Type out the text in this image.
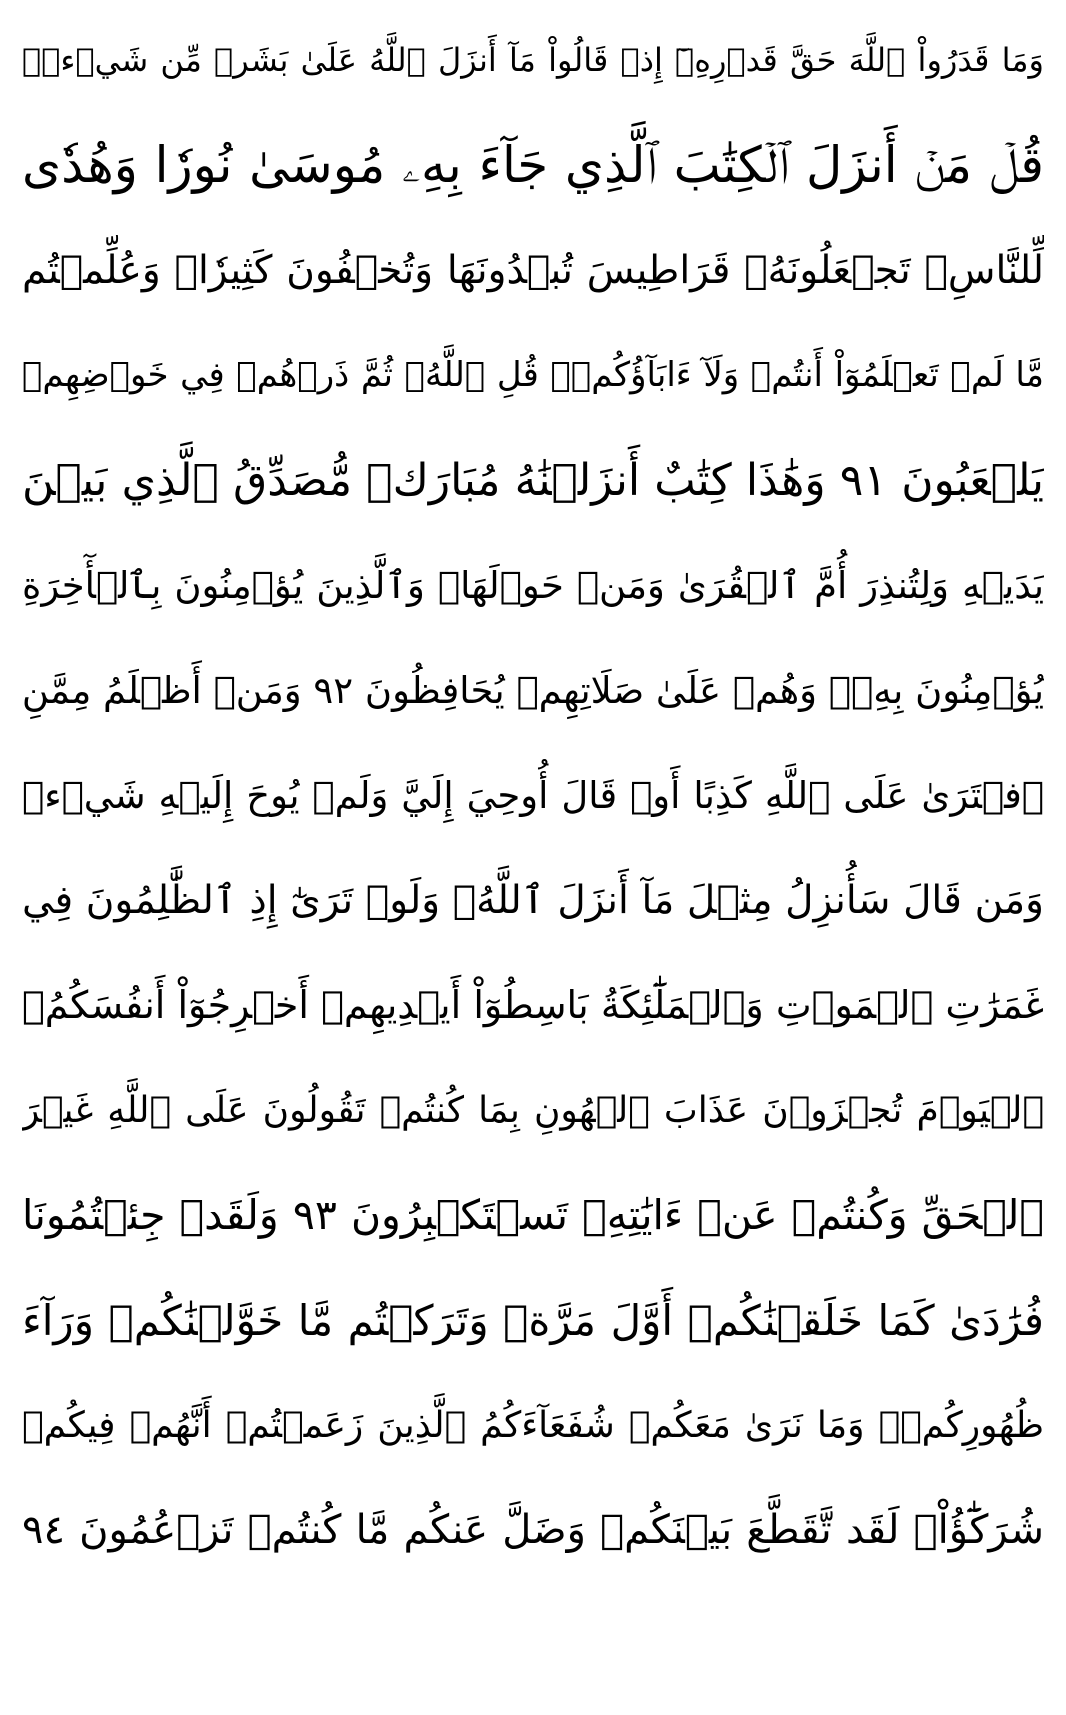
وَمَا قَدَرُواْ ٱللَّهَ حَقَّ قَدۡرِهِۦٓ إِذۡ قَالُواْ مَآ أَنزَلَ ٱللَّهُ عَلَىٰ بَشَرٖ مِّن شَيۡءٖۗ
قُلۡ مَنۡ أَنزَلَ ٱلۡكِتَٰبَ ٱلَّذِي جَآءَ بِهِۦ مُوسَىٰ نُورٗا وَهُدٗى
لِّلنَّاسِۖ تَجۡعَلُونَهُۥ قَرَاطِيسَ تُبۡدُونَهَا وَتُخۡفُونَ كَثِيرٗاۖ وَعُلِّمۡتُم
مَّا لَمۡ تَعۡلَمُوٓاْ أَنتُمۡ وَلَآ ءَابَآؤُكُمۡۖ قُلِ ٱللَّهُۖ ثُمَّ ذَرۡهُمۡ فِي خَوۡضِهِمۡ
يَلۡعَبُونَ ٩١ وَهَٰذَا كِتَٰبٌ أَنزَلۡنَٰهُ مُبَارَكٞ مُّصَدِّقُ ٱلَّذِي بَيۡنَ
يَدَيۡهِ وَلِتُنذِرَ أُمَّ ٱلۡقُرَىٰ وَمَنۡ حَوۡلَهَاۚ وَٱلَّذِينَ يُؤۡمِنُونَ بِٱلۡأٓخِرَةِ
يُؤۡمِنُونَ بِهِۦۖ وَهُمۡ عَلَىٰ صَلَاتِهِمۡ يُحَافِظُونَ ٩٢ وَمَنۡ أَظۡلَمُ مِمَّنِ
ٱفۡتَرَىٰ عَلَى ٱللَّهِ كَذِبًا أَوۡ قَالَ أُوحِيَ إِلَيَّ وَلَمۡ يُوحَ إِلَيۡهِ شَيۡءٞ
وَمَن قَالَ سَأُنزِلُ مِثۡلَ مَآ أَنزَلَ ٱللَّهُۗ وَلَوۡ تَرَىٰٓ إِذِ ٱلظَّٰلِمُونَ فِي
غَمَرَٰتِ ٱلۡمَوۡتِ وَٱلۡمَلَٰٓئِكَةُ بَاسِطُوٓاْ أَيۡدِيهِمۡ أَخۡرِجُوٓاْ أَنفُسَكُمُۖ
ٱلۡيَوۡمَ تُجۡزَوۡنَ عَذَابَ ٱلۡهُونِ بِمَا كُنتُمۡ تَقُولُونَ عَلَى ٱللَّهِ غَيۡرَ
ٱلۡحَقِّ وَكُنتُمۡ عَنۡ ءَايَٰتِهِۦ تَسۡتَكۡبِرُونَ ٩٣ وَلَقَدۡ جِئۡتُمُونَا
فُرَٰدَىٰ كَمَا خَلَقۡنَٰكُمۡ أَوَّلَ مَرَّةٖ وَتَرَكۡتُم مَّا خَوَّلۡنَٰكُمۡ وَرَآءَ
ظُهُورِكُمۡۖ وَمَا نَرَىٰ مَعَكُمۡ شُفَعَآءَكُمُ ٱلَّذِينَ زَعَمۡتُمۡ أَنَّهُمۡ فِيكُمۡ
شُرَكَٰٓؤُاْۚ لَقَد تَّقَطَّعَ بَيۡنَكُمۡ وَضَلَّ عَنكُم مَّا كُنتُمۡ تَزۡعُمُونَ ٩٤
